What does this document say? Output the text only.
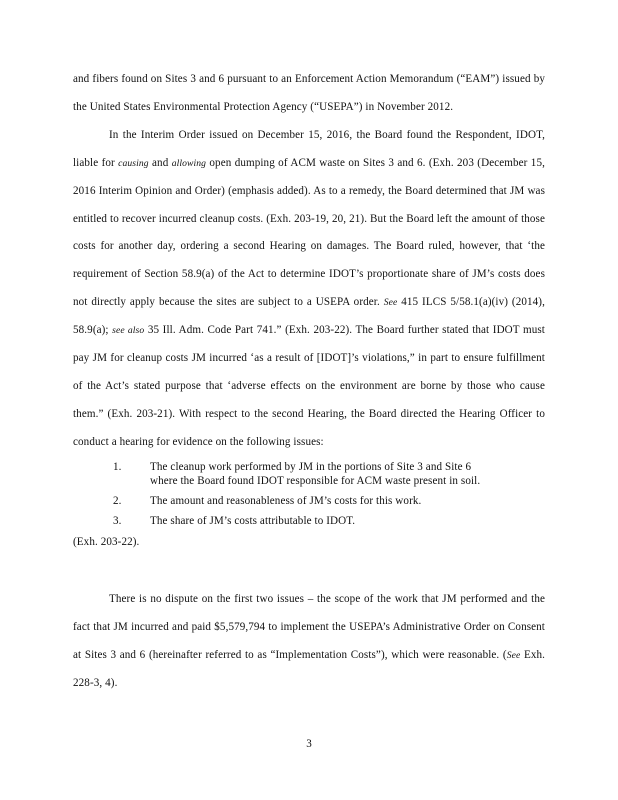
and fibers found on Sites 3 and 6 pursuant to an Enforcement Action Memorandum (“EAM”) issued by the United States Environmental Protection Agency (“USEPA”) in November 2012.
In the Interim Order issued on December 15, 2016, the Board found the Respondent, IDOT, liable for causing and allowing open dumping of ACM waste on Sites 3 and 6. (Exh. 203 (December 15, 2016 Interim Opinion and Order) (emphasis added). As to a remedy, the Board determined that JM was entitled to recover incurred cleanup costs. (Exh. 203-19, 20, 21). But the Board left the amount of those costs for another day, ordering a second Hearing on damages. The Board ruled, however, that ‘the requirement of Section 58.9(a) of the Act to determine IDOT’s proportionate share of JM’s costs does not directly apply because the sites are subject to a USEPA order. See 415 ILCS 5/58.1(a)(iv) (2014), 58.9(a); see also 35 Ill. Adm. Code Part 741.” (Exh. 203-22). The Board further stated that IDOT must pay JM for cleanup costs JM incurred ‘as a result of [IDOT]’s violations,” in part to ensure fulfillment of the Act’s stated purpose that ‘adverse effects on the environment are borne by those who cause them.” (Exh. 203-21). With respect to the second Hearing, the Board directed the Hearing Officer to conduct a hearing for evidence on the following issues:
1.	The cleanup work performed by JM in the portions of Site 3 and Site 6
where the Board found IDOT responsible for ACM waste present in soil.
2.	The amount and reasonableness of JM’s costs for this work.
3.	The share of JM’s costs attributable to IDOT.
(Exh. 203-22).
There is no dispute on the first two issues – the scope of the work that JM performed and the fact that JM incurred and paid $5,579,794 to implement the USEPA’s Administrative Order on Consent at Sites 3 and 6 (hereinafter referred to as “Implementation Costs”), which were reasonable. (See Exh. 228-3, 4).
3
